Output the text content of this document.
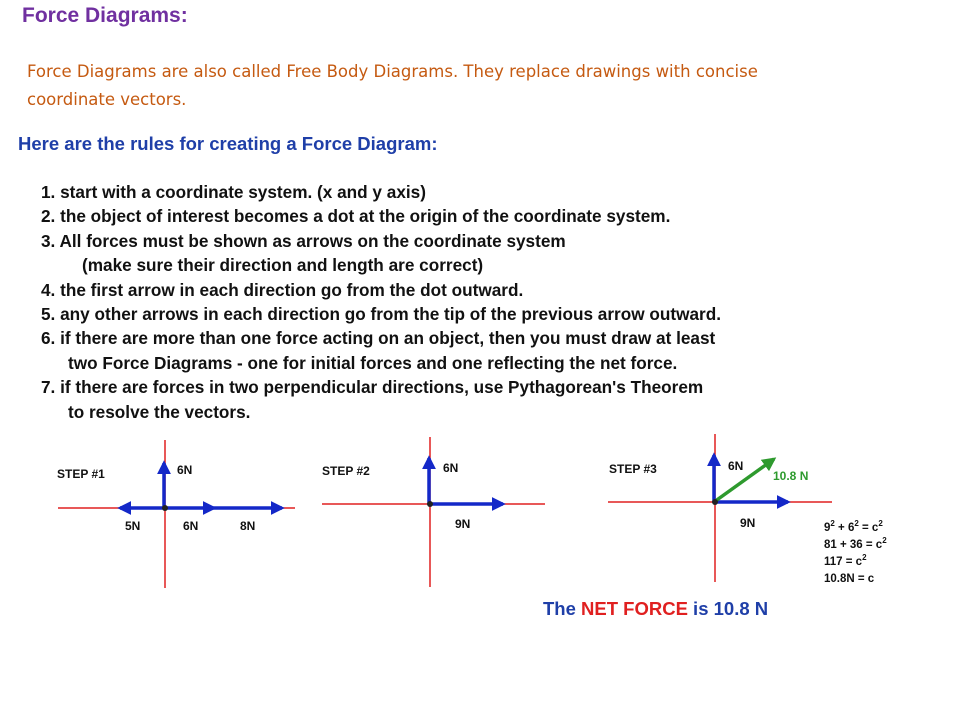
Force Diagrams:
Force Diagrams are also called Free Body Diagrams. They replace drawings with concise
coordinate vectors.
Here are the rules for creating a Force Diagram:
1. start with a coordinate system. (x and y axis)
2. the object of interest becomes a dot at the origin of the coordinate system.
3. All forces must be shown as arrows on the coordinate system
(make sure their direction and length are correct)
4. the first arrow in each direction go from the dot outward.
5. any other arrows in each direction go from the tip of the previous arrow outward.
6. if there are more than one force acting on an object, then you must draw at least
two Force Diagrams - one for initial forces and one reflecting the net force.
7. if there are forces in two perpendicular directions, use Pythagorean's Theorem
to resolve the vectors.
STEP #1	6N
5N	6N	8N
STEP #2	6N
9N
STEP #3	6N
9N
10.8 N
$9^2 + 6^2 = c^2$
$81 + 36 = c^2$
$117 = c^2$
10.8N = c
The NET FORCE is 10.8 N
